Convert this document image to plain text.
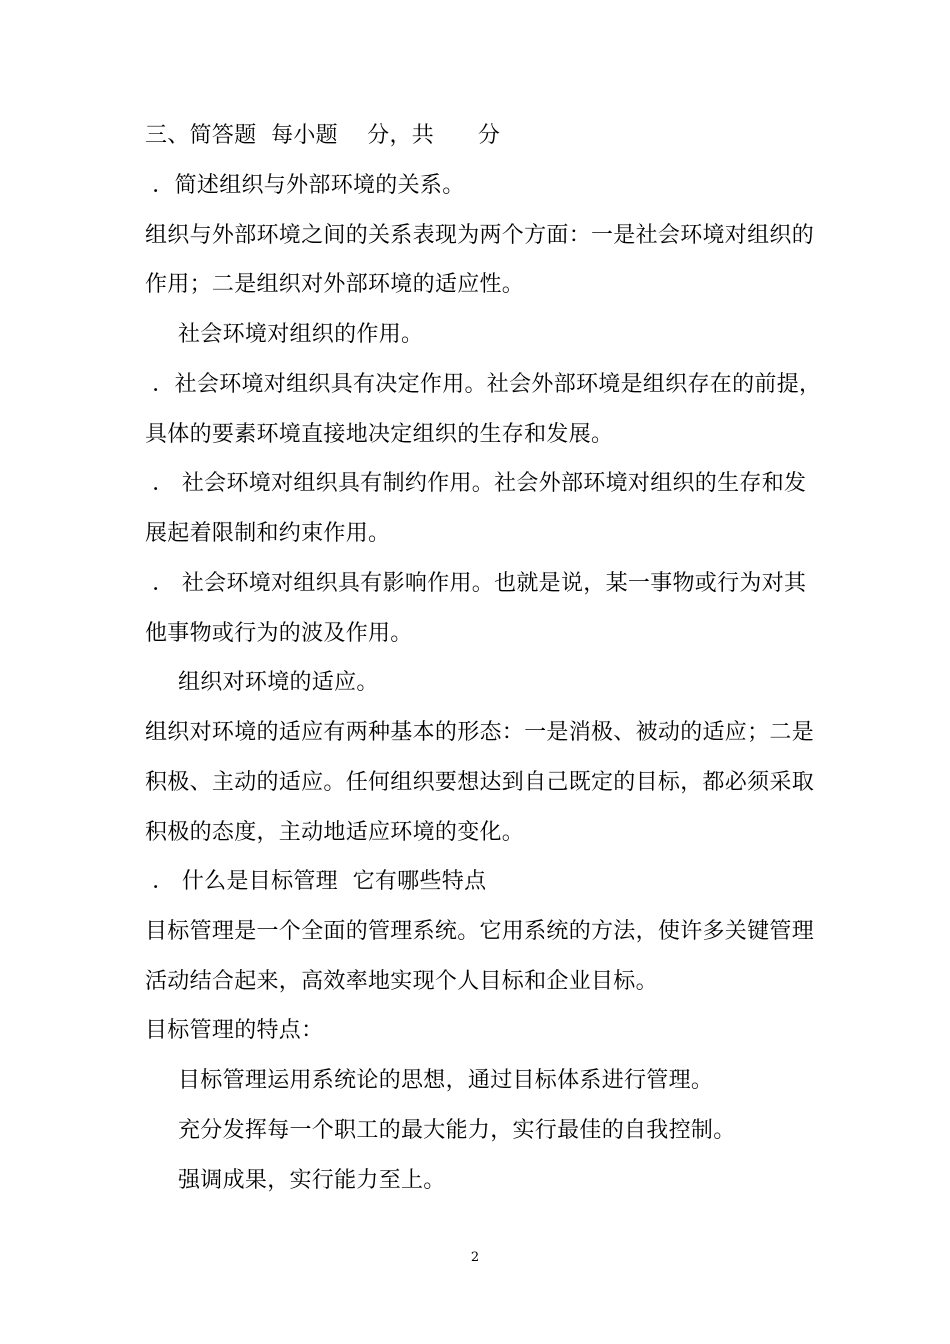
三、简答题  每小题    分，共      分
．简述组织与外部环境的关系。
组织与外部环境之间的关系表现为两个方面：一是社会环境对组织的
作用；二是组织对外部环境的适应性。
社会环境对组织的作用。
．社会环境对组织具有决定作用。社会外部环境是组织存在的前提，
具体的要素环境直接地决定组织的生存和发展。
． 社会环境对组织具有制约作用。社会外部环境对组织的生存和发
展起着限制和约束作用。
． 社会环境对组织具有影响作用。也就是说，某一事物或行为对其
他事物或行为的波及作用。
组织对环境的适应。
组织对环境的适应有两种基本的形态：一是消极、被动的适应；二是
积极、主动的适应。任何组织要想达到自己既定的目标，都必须采取
积极的态度，主动地适应环境的变化。
． 什么是目标管理  它有哪些特点
目标管理是一个全面的管理系统。它用系统的方法，使许多关键管理
活动结合起来，高效率地实现个人目标和企业目标。
目标管理的特点：
目标管理运用系统论的思想，通过目标体系进行管理。
充分发挥每一个职工的最大能力，实行最佳的自我控制。
强调成果，实行能力至上。
2
